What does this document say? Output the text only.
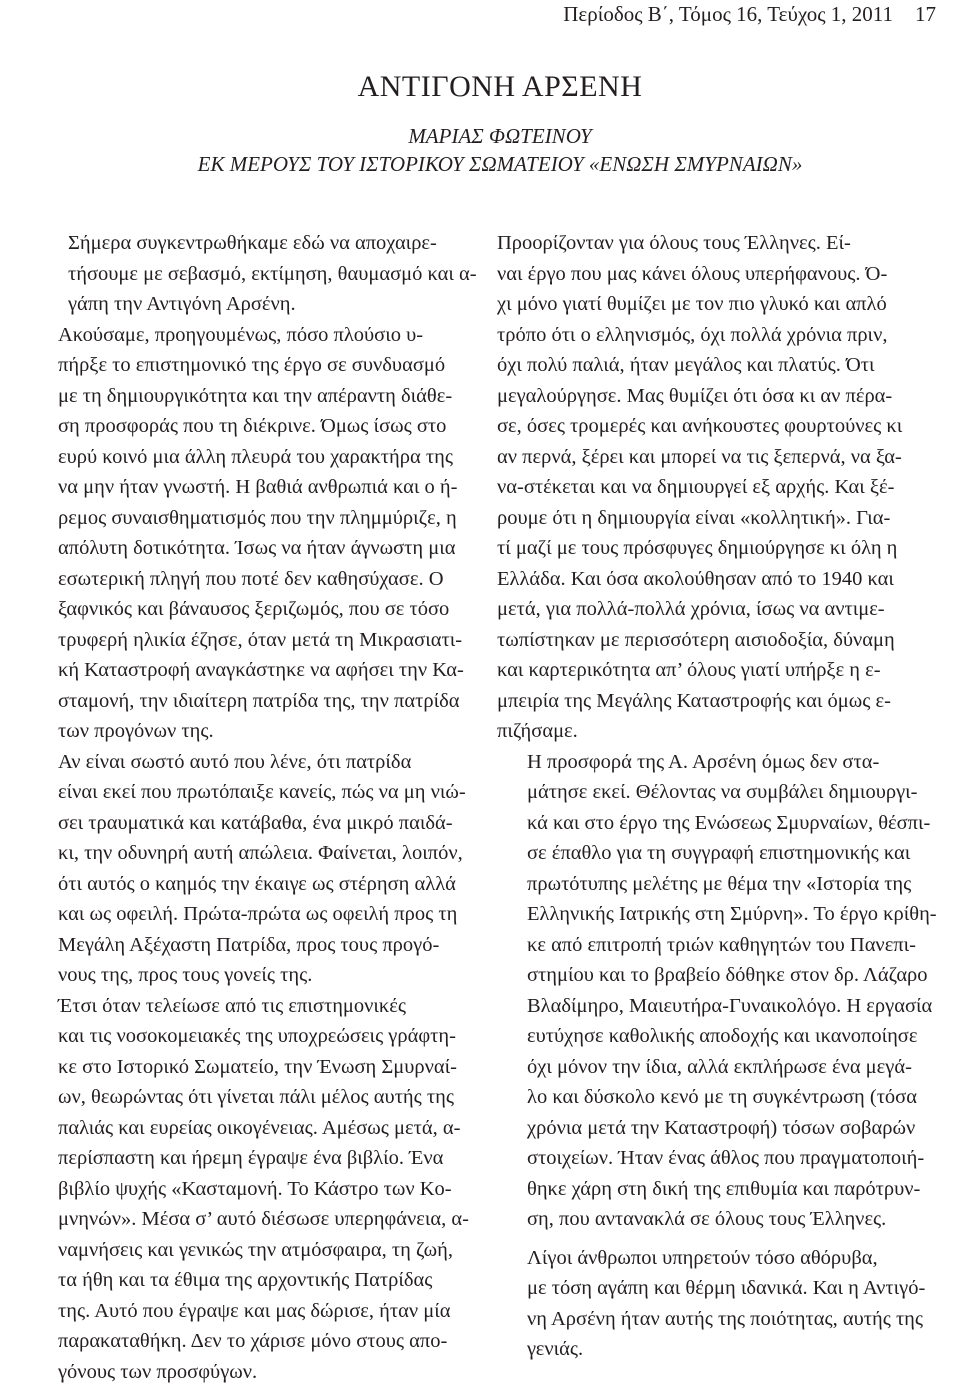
Περίοδος Β΄, Τόμος 16, Τεύχος 1, 2011 17
ΑΝΤΙΓΟΝΗ ΑΡΣΕΝΗ
ΜΑΡΙΑΣ ΦΩΤΕΙΝΟΥ
ΕΚ ΜΕΡΟΥΣ ΤΟΥ ΙΣΤΟΡΙΚΟΥ ΣΩΜΑΤΕΙΟΥ «ΕΝΩΣΗ ΣΜΥΡΝΑΙΩΝ»

Σήμερα συγκεντρωθήκαμε εδώ να αποχαιρε-
τήσουμε με σεβασμό, εκτίμηση, θαυμασμό και α-
γάπη την Αντιγόνη Αρσένη.

Ακούσαμε, προηγουμένως, πόσο πλούσιο υ-
πήρξε το επιστημονικό της έργο σε συνδυασμό
με τη δημιουργικότητα και την απέραντη διάθε-
ση προσφοράς που τη διέκρινε. Όμως ίσως στο
ευρύ κοινό μια άλλη πλευρά του χαρακτήρα της
να μην ήταν γνωστή. Η βαθιά ανθρωπιά και ο ή-
ρεμος συναισθηματισμός που την πλημμύριζε, η
απόλυτη δοτικότητα. Ίσως να ήταν άγνωστη μια
εσωτερική πληγή που ποτέ δεν καθησύχασε. Ο
ξαφνικός και βάναυσος ξεριζωμός, που σε τόσο
τρυφερή ηλικία έζησε, όταν μετά τη Μικρασιατι-
κή Καταστροφή αναγκάστηκε να αφήσει την Κα-
σταμονή, την ιδιαίτερη πατρίδα της, την πατρίδα
των προγόνων της.

Αν είναι σωστό αυτό που λένε, ότι πατρίδα
είναι εκεί που πρωτόπαιξε κανείς, πώς να μη νιώ-
σει τραυματικά και κατάβαθα, ένα μικρό παιδά-
κι, την οδυνηρή αυτή απώλεια. Φαίνεται, λοιπόν,
ότι αυτός ο καημός την έκαιγε ως στέρηση αλλά
και ως οφειλή. Πρώτα-πρώτα ως οφειλή προς τη
Μεγάλη Αξέχαστη Πατρίδα, προς τους προγό-
νους της, προς τους γονείς της.

Έτσι όταν τελείωσε από τις επιστημονικές
και τις νοσοκομειακές της υποχρεώσεις γράφτη-
κε στο Ιστορικό Σωματείο, την Ένωση Σμυρναί-
ων, θεωρώντας ότι γίνεται πάλι μέλος αυτής της
παλιάς και ευρείας οικογένειας. Αμέσως μετά, α-
περίσπαστη και ήρεμη έγραψε ένα βιβλίο. Ένα
βιβλίο ψυχής «Κασταμονή. Το Κάστρο των Κο-
μνηνών». Μέσα σ’ αυτό διέσωσε υπερηφάνεια, α-
ναμνήσεις και γενικώς την ατμόσφαιρα, τη ζωή,
τα ήθη και τα έθιμα της αρχοντικής Πατρίδας
της. Αυτό που έγραψε και μας δώρισε, ήταν μία
παρακαταθήκη. Δεν το χάρισε μόνο στους απο-
γόνους των προσφύγων.

Προορίζονταν για όλους τους Έλληνες. Εί-
ναι έργο που μας κάνει όλους υπερήφανους. Ό-
χι μόνο γιατί θυμίζει με τον πιο γλυκό και απλό
τρόπο ότι ο ελληνισμός, όχι πολλά χρόνια πριν,
όχι πολύ παλιά, ήταν μεγάλος και πλατύς. Ότι
μεγαλούργησε. Μας θυμίζει ότι όσα κι αν πέρα-
σε, όσες τρομερές και ανήκουστες φουρτούνες κι
αν περνά, ξέρει και μπορεί να τις ξεπερνά, να ξα-
να-στέκεται και να δημιουργεί εξ αρχής. Και ξέ-
ρουμε ότι η δημιουργία είναι «κολλητική». Για-
τί μαζί με τους πρόσφυγες δημιούργησε κι όλη η
Ελλάδα. Και όσα ακολούθησαν από το 1940 και
μετά, για πολλά-πολλά χρόνια, ίσως να αντιμε-
τωπίστηκαν με περισσότερη αισιοδοξία, δύναμη
και καρτερικότητα απ’ όλους γιατί υπήρξε η ε-
μπειρία της Μεγάλης Καταστροφής και όμως ε-
πιζήσαμε.

Η προσφορά της Α. Αρσένη όμως δεν στα-
μάτησε εκεί. Θέλοντας να συμβάλει δημιουργι-
κά και στο έργο της Ενώσεως Σμυρναίων, θέσπι-
σε έπαθλο για τη συγγραφή επιστημονικής και
πρωτότυπης μελέτης με θέμα την «Ιστορία της
Ελληνικής Ιατρικής στη Σμύρνη». Το έργο κρίθη-
κε από επιτροπή τριών καθηγητών του Πανεπι-
στημίου και το βραβείο δόθηκε στον δρ. Λάζαρο
Βλαδίμηρο, Μαιευτήρα-Γυναικολόγο. Η εργασία
ευτύχησε καθολικής αποδοχής και ικανοποίησε
όχι μόνον την ίδια, αλλά εκπλήρωσε ένα μεγά-
λο και δύσκολο κενό με τη συγκέντρωση (τόσα
χρόνια μετά την Καταστροφή) τόσων σοβαρών
στοιχείων. Ήταν ένας άθλος που πραγματοποιή-
θηκε χάρη στη δική της επιθυμία και παρότρυν-
ση, που αντανακλά σε όλους τους Έλληνες.

Λίγοι άνθρωποι υπηρετούν τόσο αθόρυβα,
με τόση αγάπη και θέρμη ιδανικά. Και η Αντιγό-
νη Αρσένη ήταν αυτής της ποιότητας, αυτής της
γενιάς.
